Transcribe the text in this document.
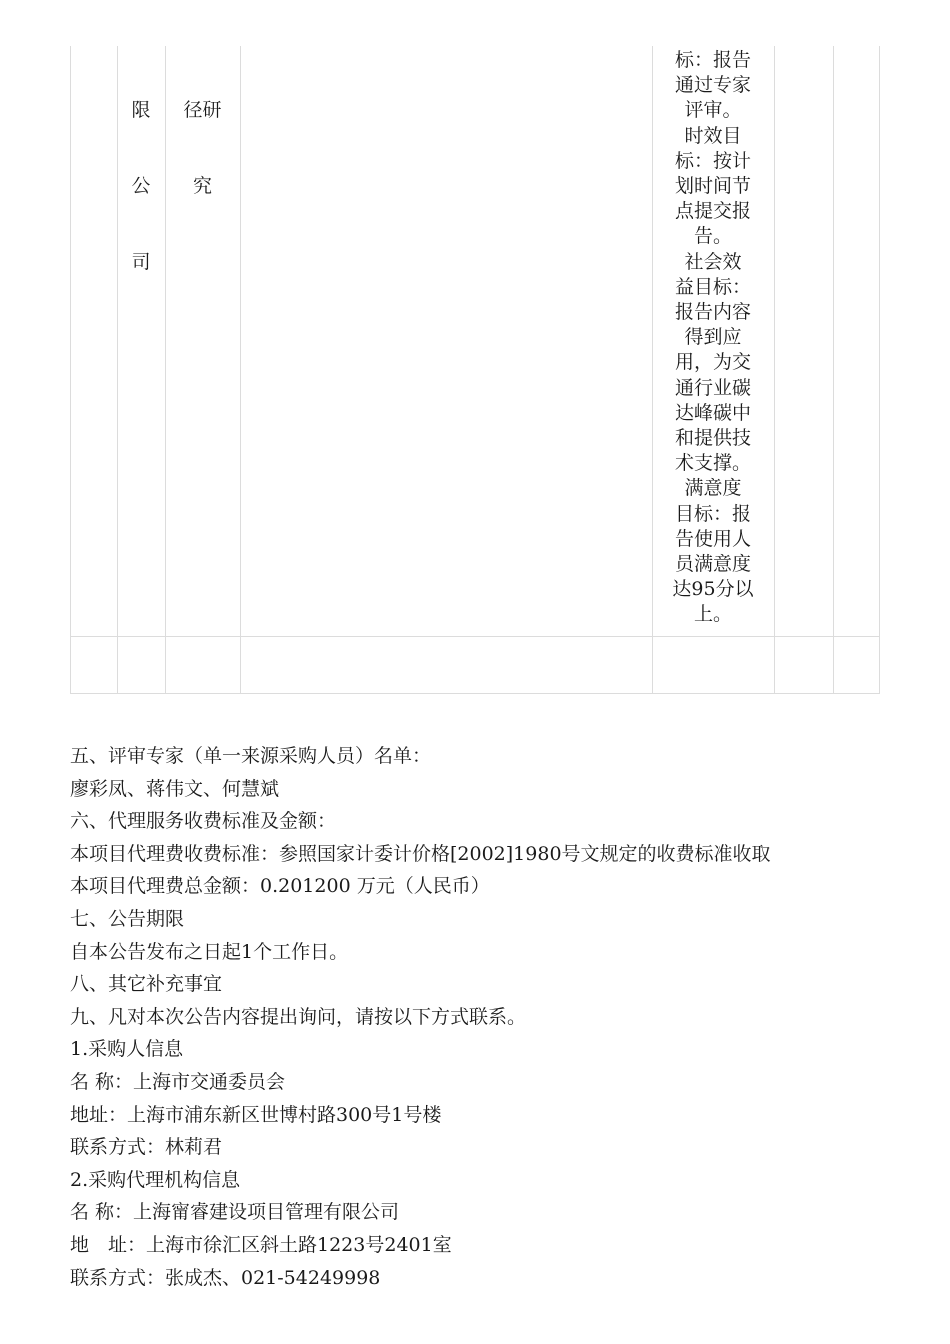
限

公

司

径研

究

标：报告
通过专家
评审。
时效目
标：按计
划时间节
点提交报
告。
社会效
益目标：
报告内容
得到应
用，为交
通行业碳
达峰碳中
和提供技
术支撑。
满意度
目标：报
告使用人
员满意度
达95分以
上。
五、评审专家（单一来源采购人员）名单：
廖彩凤、蒋伟文、何慧斌
六、代理服务收费标准及金额：
本项目代理费收费标准：参照国家计委计价格[2002]1980号文规定的收费标准收取
本项目代理费总金额：0.201200 万元（人民币）
七、公告期限
自本公告发布之日起1个工作日。
八、其它补充事宜
九、凡对本次公告内容提出询问，请按以下方式联系。
1.采购人信息
名 称：上海市交通委员会
地址：上海市浦东新区世博村路300号1号楼
联系方式：林莉君
2.采购代理机构信息
名 称：上海甯睿建设项目管理有限公司
地　址：上海市徐汇区斜土路1223号2401室
联系方式：张成杰、021-54249998
